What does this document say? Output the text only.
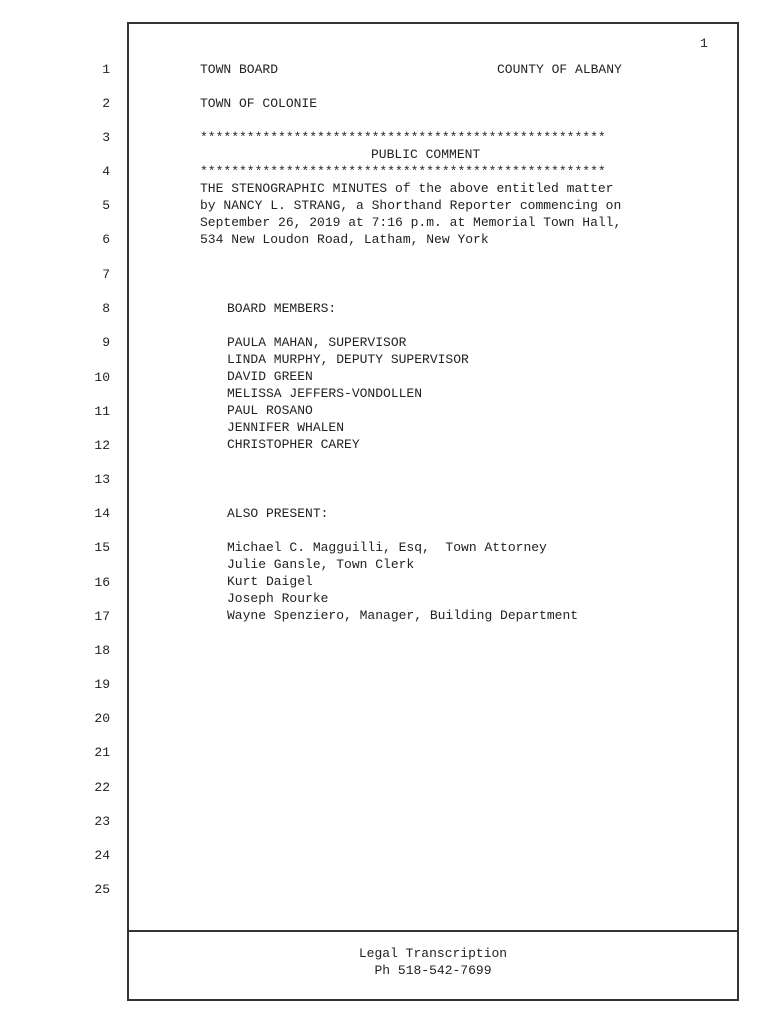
1
1
2
3
4
5
6
7
8
9
10
11
12
13
14
15
16
17
18
19
20
21
22
23
24
25
TOWN BOARD	COUNTY OF ALBANY
TOWN OF COLONIE
****************************************************
PUBLIC COMMENT
****************************************************
THE STENOGRAPHIC MINUTES of the above entitled matter
by NANCY L. STRANG, a Shorthand Reporter commencing on
September 26, 2019 at 7:16 p.m. at Memorial Town Hall,
534 New Loudon Road, Latham, New York
BOARD MEMBERS:
PAULA MAHAN, SUPERVISOR
LINDA MURPHY, DEPUTY SUPERVISOR
DAVID GREEN
MELISSA JEFFERS-VONDOLLEN
PAUL ROSANO
JENNIFER WHALEN
CHRISTOPHER CAREY
ALSO PRESENT:
Michael C. Magguilli, Esq,  Town Attorney
Julie Gansle, Town Clerk
Kurt Daigel
Joseph Rourke
Wayne Spenziero, Manager, Building Department
Legal Transcription
Ph 518-542-7699
